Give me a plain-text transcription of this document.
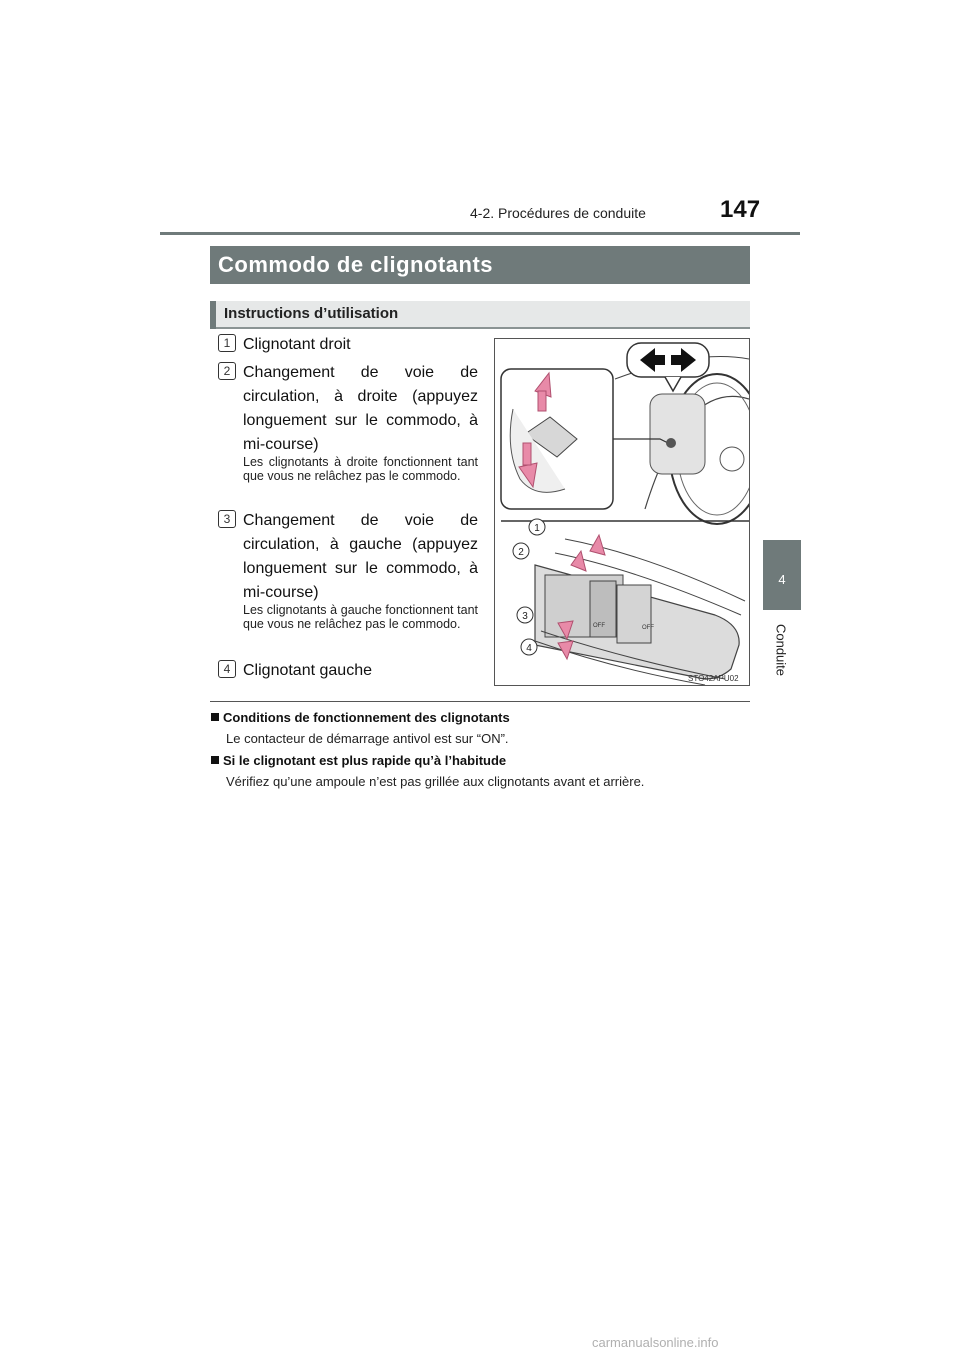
4-2. Procédures de conduite	147
4
Conduite
Commodo de clignotants
Instructions d’utilisation
1 Clignotant droit
2 Changement de voie de circulation, à droite (appuyez longuement sur le commodo, à mi-course)
Les clignotants à droite fonctionnent tant que vous ne relâchez pas le commodo.
3 Changement de voie de circulation, à gauche (appuyez longuement sur le commodo, à mi-course)
Les clignotants à gauche fonctionnent tant que vous ne relâchez pas le commodo.
4 Clignotant gauche
OFF	OFF
1
2
3
4
STO42APU02
Conditions de fonctionnement des clignotants
Le contacteur de démarrage antivol est sur “ON”.
Si le clignotant est plus rapide qu’à l’habitude
Vérifiez qu’une ampoule n’est pas grillée aux clignotants avant et arrière.
carmanualsonline.info
